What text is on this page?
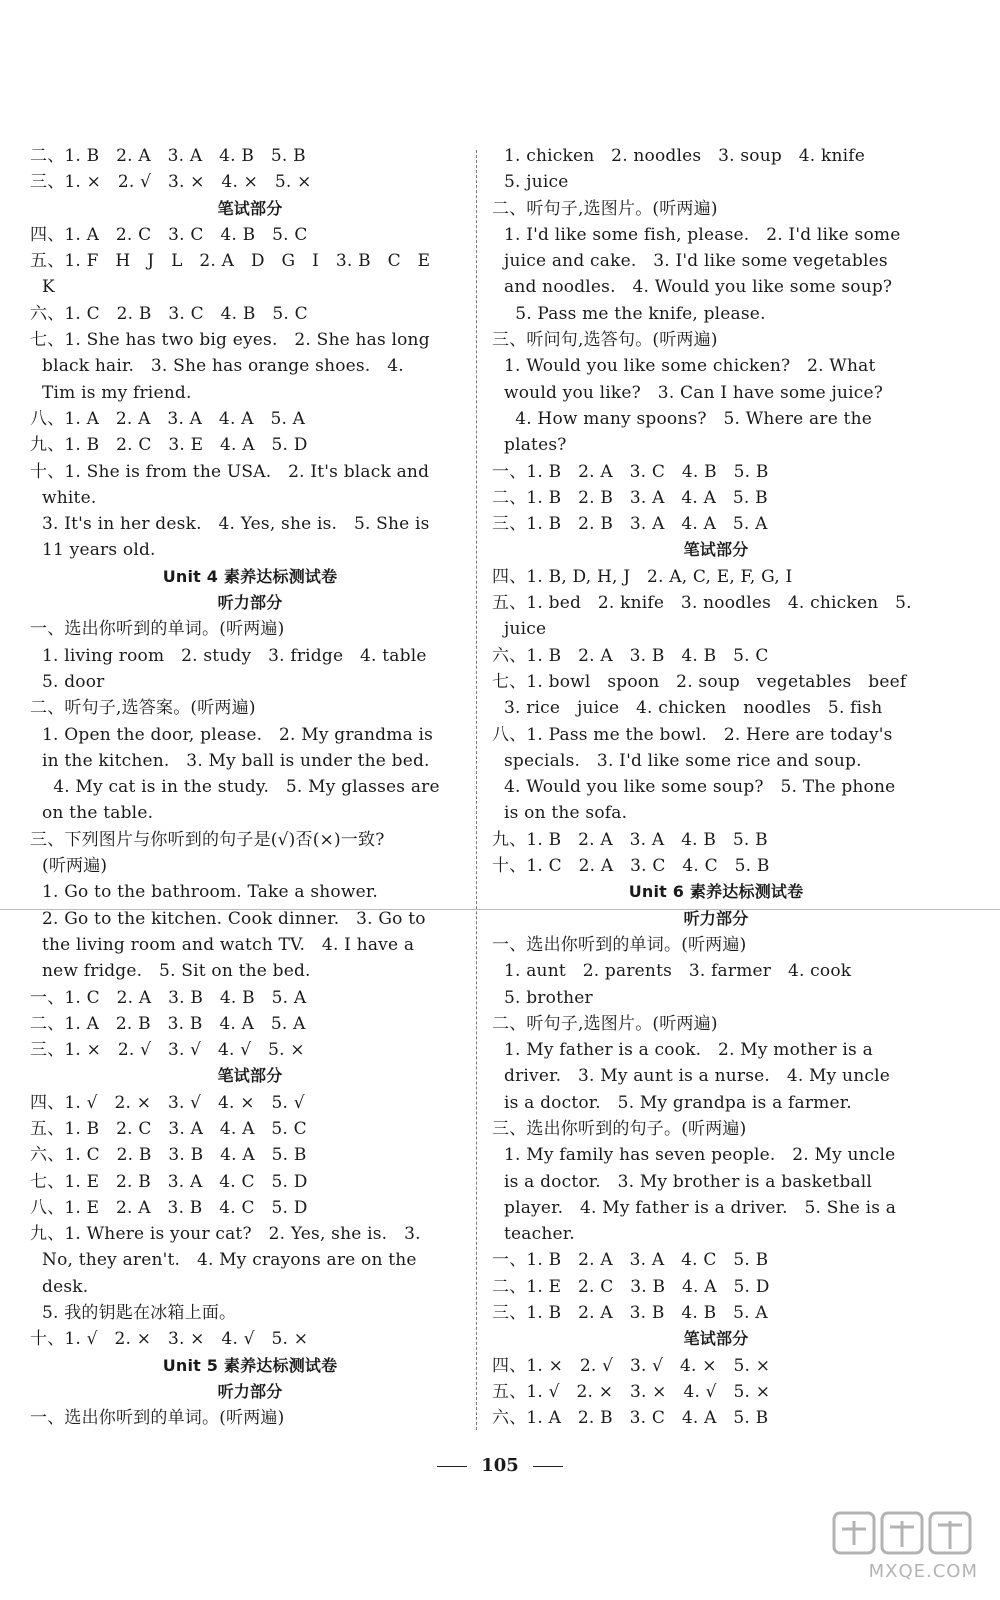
二、1. B   2. A   3. A   4. B   5. B
三、1. ×   2. √   3. ×   4. ×   5. ×
笔试部分
四、1. A   2. C   3. C   4. B   5. C
五、1. F   H   J   L   2. A   D   G   I   3. B   C   E
K
六、1. C   2. B   3. C   4. B   5. C
七、1. She has two big eyes.   2. She has long
black hair.   3. She has orange shoes.   4.
Tim is my friend.
八、1. A   2. A   3. A   4. A   5. A
九、1. B   2. C   3. E   4. A   5. D
十、1. She is from the USA.   2. It's black and
white.
3. It's in her desk.   4. Yes, she is.   5. She is
11 years old.
Unit 4 素养达标测试卷
听力部分
一、选出你听到的单词。(听两遍)
1. living room   2. study   3. fridge   4. table
5. door
二、听句子,选答案。(听两遍)
1. Open the door, please.   2. My grandma is
in the kitchen.   3. My ball is under the bed.
4. My cat is in the study.   5. My glasses are
on the table.
三、下列图片与你听到的句子是(√)否(×)一致?
(听两遍)
1. Go to the bathroom. Take a shower.
2. Go to the kitchen. Cook dinner.   3. Go to
the living room and watch TV.   4. I have a
new fridge.   5. Sit on the bed.
一、1. C   2. A   3. B   4. B   5. A
二、1. A   2. B   3. B   4. A   5. A
三、1. ×   2. √   3. √   4. √   5. ×
笔试部分
四、1. √   2. ×   3. √   4. ×   5. √
五、1. B   2. C   3. A   4. A   5. C
六、1. C   2. B   3. B   4. A   5. B
七、1. E   2. B   3. A   4. C   5. D
八、1. E   2. A   3. B   4. C   5. D
九、1. Where is your cat?   2. Yes, she is.   3.
No, they aren't.   4. My crayons are on the
desk.
5. 我的钥匙在冰箱上面。
十、1. √   2. ×   3. ×   4. √   5. ×
Unit 5 素养达标测试卷
听力部分
一、选出你听到的单词。(听两遍)
1. chicken   2. noodles   3. soup   4. knife
5. juice
二、听句子,选图片。(听两遍)
1. I'd like some fish, please.   2. I'd like some
juice and cake.   3. I'd like some vegetables
and noodles.   4. Would you like some soup?
5. Pass me the knife, please.
三、听问句,选答句。(听两遍)
1. Would you like some chicken?   2. What
would you like?   3. Can I have some juice?
4. How many spoons?   5. Where are the
plates?
一、1. B   2. A   3. C   4. B   5. B
二、1. B   2. B   3. A   4. A   5. B
三、1. B   2. B   3. A   4. A   5. A
笔试部分
四、1. B, D, H, J   2. A, C, E, F, G, I
五、1. bed   2. knife   3. noodles   4. chicken   5.
juice
六、1. B   2. A   3. B   4. B   5. C
七、1. bowl   spoon   2. soup   vegetables   beef
3. rice   juice   4. chicken   noodles   5. fish
八、1. Pass me the bowl.   2. Here are today's
specials.   3. I'd like some rice and soup.
4. Would you like some soup?   5. The phone
is on the sofa.
九、1. B   2. A   3. A   4. B   5. B
十、1. C   2. A   3. C   4. C   5. B
Unit 6 素养达标测试卷
听力部分
一、选出你听到的单词。(听两遍)
1. aunt   2. parents   3. farmer   4. cook
5. brother
二、听句子,选图片。(听两遍)
1. My father is a cook.   2. My mother is a
driver.   3. My aunt is a nurse.   4. My uncle
is a doctor.   5. My grandpa is a farmer.
三、选出你听到的句子。(听两遍)
1. My family has seven people.   2. My uncle
is a doctor.   3. My brother is a basketball
player.   4. My father is a driver.   5. She is a
teacher.
一、1. B   2. A   3. A   4. C   5. B
二、1. E   2. C   3. B   4. A   5. D
三、1. B   2. A   3. B   4. B   5. A
笔试部分
四、1. ×   2. √   3. √   4. ×   5. ×
五、1. √   2. ×   3. ×   4. √   5. ×
六、1. A   2. B   3. C   4. A   5. B
105
MXQE.COM
